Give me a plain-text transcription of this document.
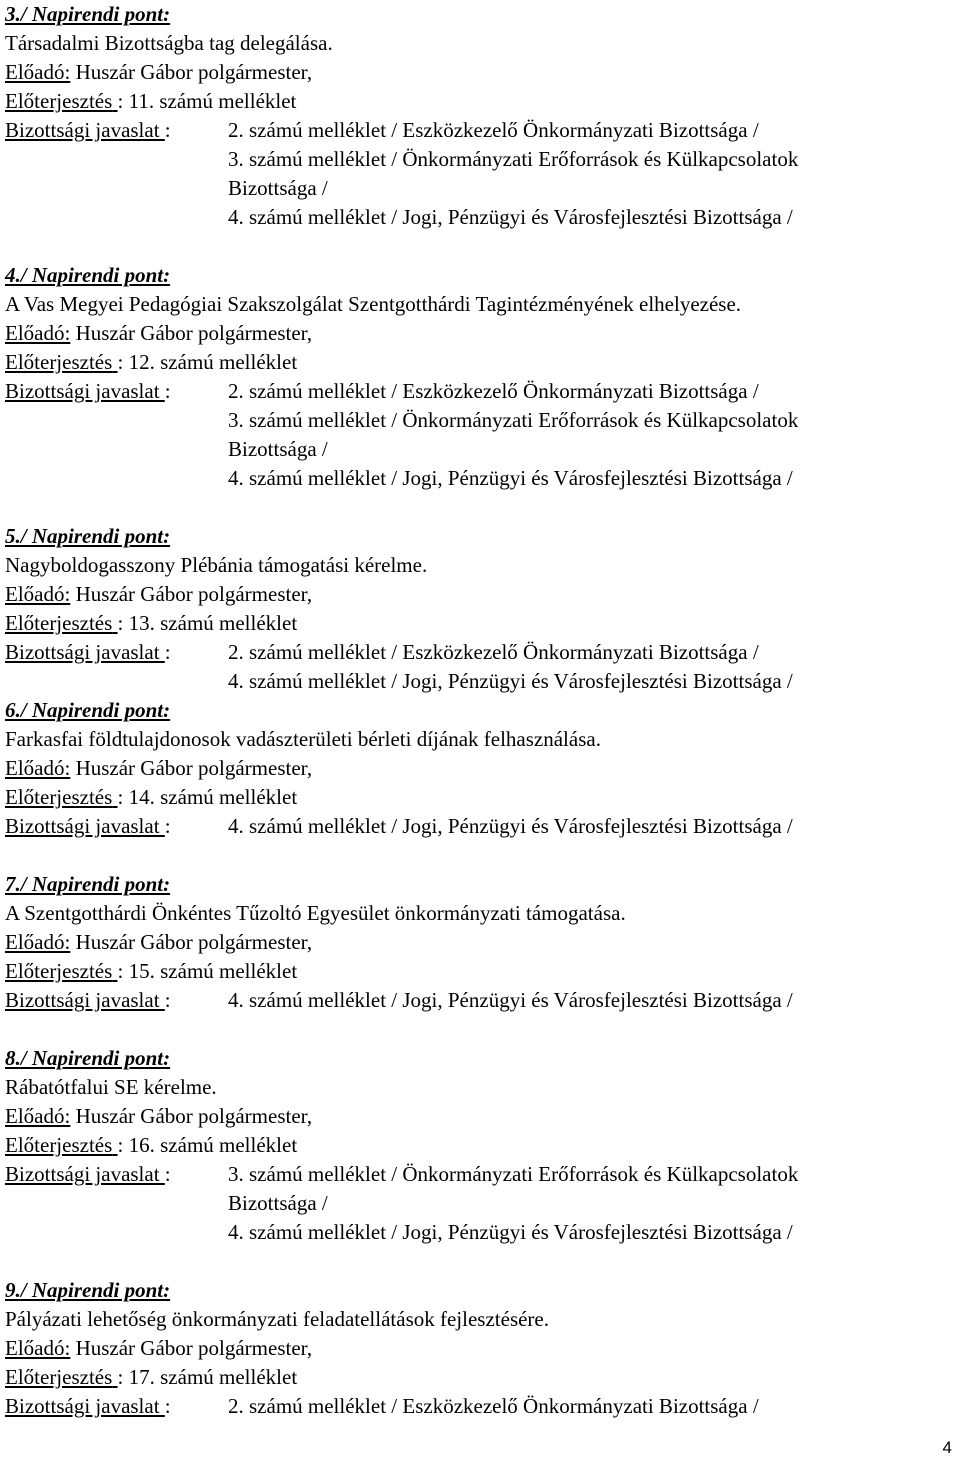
3./ Napirendi pont:
Társadalmi Bizottságba tag delegálása.
Előadó: Huszár Gábor polgármester,
Előterjesztés : 11. számú melléklet
Bizottsági javaslat :	2. számú melléklet / Eszközkezelő Önkormányzati Bizottsága /
3. számú melléklet / Önkormányzati Erőforrások és Külkapcsolatok
Bizottsága /
4. számú melléklet / Jogi, Pénzügyi és Városfejlesztési Bizottsága /
4./ Napirendi pont:
A Vas Megyei Pedagógiai Szakszolgálat Szentgotthárdi Tagintézményének elhelyezése.
Előadó: Huszár Gábor polgármester,
Előterjesztés : 12. számú melléklet
Bizottsági javaslat :	2. számú melléklet / Eszközkezelő Önkormányzati Bizottsága /
3. számú melléklet / Önkormányzati Erőforrások és Külkapcsolatok
Bizottsága /
4. számú melléklet / Jogi, Pénzügyi és Városfejlesztési Bizottsága /
5./ Napirendi pont:
Nagyboldogasszony Plébánia támogatási kérelme.
Előadó: Huszár Gábor polgármester,
Előterjesztés : 13. számú melléklet
Bizottsági javaslat :	2. számú melléklet / Eszközkezelő Önkormányzati Bizottsága /
4. számú melléklet / Jogi, Pénzügyi és Városfejlesztési Bizottsága /
6./ Napirendi pont:
Farkasfai földtulajdonosok vadászterületi bérleti díjának felhasználása.
Előadó: Huszár Gábor polgármester,
Előterjesztés : 14. számú melléklet
Bizottsági javaslat :	4. számú melléklet / Jogi, Pénzügyi és Városfejlesztési Bizottsága /
7./ Napirendi pont:
A Szentgotthárdi Önkéntes Tűzoltó Egyesület önkormányzati támogatása.
Előadó: Huszár Gábor polgármester,
Előterjesztés : 15. számú melléklet
Bizottsági javaslat :	4. számú melléklet / Jogi, Pénzügyi és Városfejlesztési Bizottsága /
8./ Napirendi pont:
Rábatótfalui SE kérelme.
Előadó: Huszár Gábor polgármester,
Előterjesztés : 16. számú melléklet
Bizottsági javaslat :	3. számú melléklet / Önkormányzati Erőforrások és Külkapcsolatok
Bizottsága /
4. számú melléklet / Jogi, Pénzügyi és Városfejlesztési Bizottsága /
9./ Napirendi pont:
Pályázati lehetőség önkormányzati feladatellátások fejlesztésére.
Előadó: Huszár Gábor polgármester,
Előterjesztés : 17. számú melléklet
Bizottsági javaslat :	2. számú melléklet / Eszközkezelő Önkormányzati Bizottsága /
4
